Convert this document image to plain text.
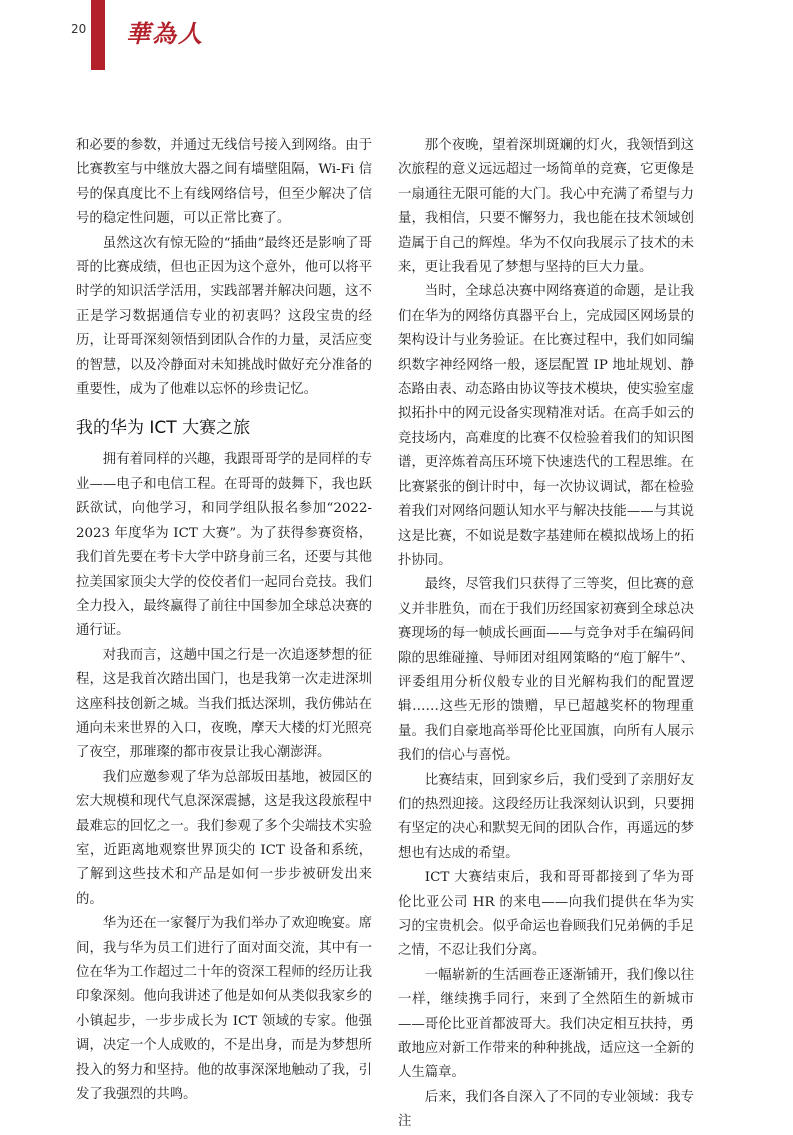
20 華為人

和必要的参数，并通过无线信号接入到网络。由于比赛教室与中继放大器之间有墙壁阻隔，Wi-Fi 信号的保真度比不上有线网络信号，但至少解决了信号的稳定性问题，可以正常比赛了。

虽然这次有惊无险的“插曲”最终还是影响了哥哥的比赛成绩，但也正因为这个意外，他可以将平时学的知识活学活用，实践部署并解决问题，这不正是学习数据通信专业的初衷吗？这段宝贵的经历，让哥哥深刻领悟到团队合作的力量，灵活应变的智慧，以及冷静面对未知挑战时做好充分准备的重要性，成为了他难以忘怀的珍贵记忆。

我的华为 ICT 大赛之旅

拥有着同样的兴趣，我跟哥哥学的是同样的专业——电子和电信工程。在哥哥的鼓舞下，我也跃跃欲试，向他学习，和同学组队报名参加“2022-2023 年度华为 ICT 大赛”。为了获得参赛资格，我们首先要在考卡大学中跻身前三名，还要与其他拉美国家顶尖大学的佼佼者们一起同台竞技。我们全力投入，最终赢得了前往中国参加全球总决赛的通行证。

对我而言，这趟中国之行是一次追逐梦想的征程，这是我首次踏出国门，也是我第一次走进深圳这座科技创新之城。当我们抵达深圳，我仿佛站在通向未来世界的入口，夜晚，摩天大楼的灯光照亮了夜空，那璀璨的都市夜景让我心潮澎湃。

我们应邀参观了华为总部坂田基地，被园区的宏大规模和现代气息深深震撼，这是我这段旅程中最难忘的回忆之一。我们参观了多个尖端技术实验室，近距离地观察世界顶尖的 ICT 设备和系统，了解到这些技术和产品是如何一步步被研发出来的。

华为还在一家餐厅为我们举办了欢迎晚宴。席间，我与华为员工们进行了面对面交流，其中有一位在华为工作超过二十年的资深工程师的经历让我印象深刻。他向我讲述了他是如何从类似我家乡的小镇起步，一步步成长为 ICT 领域的专家。他强调，决定一个人成败的，不是出身，而是为梦想所投入的努力和坚持。他的故事深深地触动了我，引发了我强烈的共鸣。

那个夜晚，望着深圳斑斓的灯火，我领悟到这次旅程的意义远远超过一场简单的竞赛，它更像是一扇通往无限可能的大门。我心中充满了希望与力量，我相信，只要不懈努力，我也能在技术领域创造属于自己的辉煌。华为不仅向我展示了技术的未来，更让我看见了梦想与坚持的巨大力量。

当时，全球总决赛中网络赛道的命题，是让我们在华为的网络仿真器平台上，完成园区网场景的架构设计与业务验证。在比赛过程中，我们如同编织数字神经网络一般，逐层配置 IP 地址规划、静态路由表、动态路由协议等技术模块，使实验室虚拟拓扑中的网元设备实现精准对话。在高手如云的竞技场内，高难度的比赛不仅检验着我们的知识图谱，更淬炼着高压环境下快速迭代的工程思维。在比赛紧张的倒计时中，每一次协议调试，都在检验着我们对网络问题认知水平与解决技能——与其说这是比赛，不如说是数字基建师在模拟战场上的拓扑协同。

最终，尽管我们只获得了三等奖，但比赛的意义并非胜负，而在于我们历经国家初赛到全球总决赛现场的每一帧成长画面——与竞争对手在编码间隙的思维碰撞、导师团对组网策略的“庖丁解牛”、评委组用分析仪般专业的目光解构我们的配置逻辑……这些无形的馈赠，早已超越奖杯的物理重量。我们自豪地高举哥伦比亚国旗，向所有人展示我们的信心与喜悦。

比赛结束，回到家乡后，我们受到了亲朋好友们的热烈迎接。这段经历让我深刻认识到，只要拥有坚定的决心和默契无间的团队合作，再遥远的梦想也有达成的希望。

ICT 大赛结束后，我和哥哥都接到了华为哥伦比亚公司 HR 的来电——向我们提供在华为实习的宝贵机会。似乎命运也眷顾我们兄弟俩的手足之情，不忍让我们分离。

一幅崭新的生活画卷正逐渐铺开，我们像以往一样，继续携手同行，来到了全然陌生的新城市——哥伦比亚首都波哥大。我们决定相互扶持，勇敢地应对新工作带来的种种挑战，适应这一全新的人生篇章。

后来，我们各自深入了不同的专业领域：我专注
